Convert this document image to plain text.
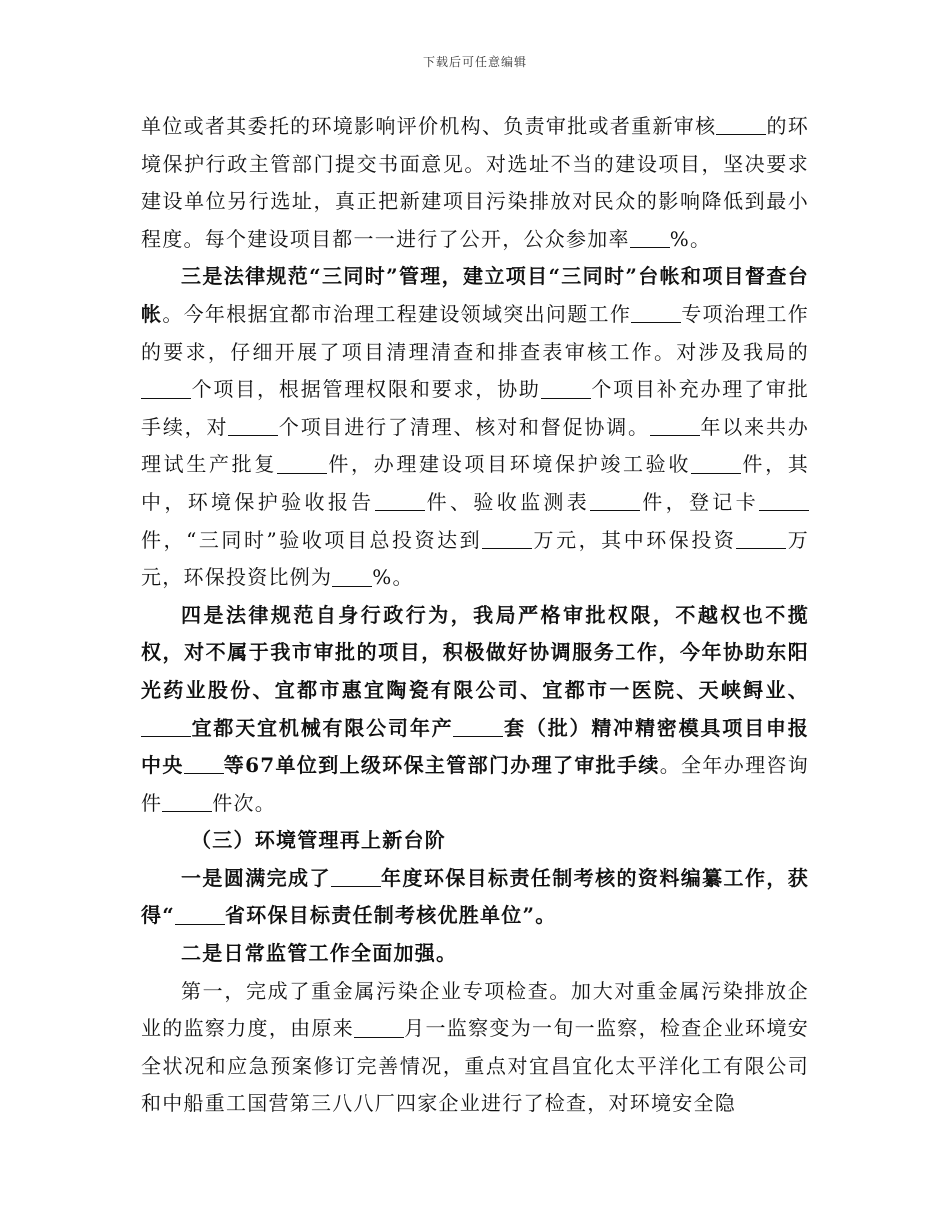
下载后可任意编辑

单位或者其委托的环境影响评价机构、负责审批或者重新审核	的环境保护行政主管部门提交书面意见。对选址不当的建设项目，坚决要求建设单位另行选址，真正把新建项目污染排放对民众的影响降低到最小程度。每个建设项目都一一进行了公开，公众参加率 %。

三是法律规范“三同时”管理，建立项目“三同时”台帐和项目督查台帐。今年根据宜都市治理工程建设领域突出问题工作	专项治理工作的要求，仔细开展了项目清理清查和排查表审核工作。对涉及我局的个项目，根据管理权限和要求，协助	个项目补充办理了审批手续，对	个项目进行了清理、核对和督促协调。	年以来共办理试生产批复	件，办理建设项目环境保护竣工验收	件，其中，环境保护验收报告	件、验收监测表	件，登记卡件，“三同时”验收项目总投资达到	万元，其中环保投资	万元，环保投资比例为 %。

四是法律规范自身行政行为，我局严格审批权限，不越权也不揽权，对不属于我市审批的项目，积极做好协调服务工作，今年协助东阳光药业股份、宜都市惠宜陶瓷有限公司、宜都市一医院、天峡鲟业、宜都天宜机械有限公司年产	套（批）精冲精密模具项目申报中央 等67单位到上级环保主管部门办理了审批手续。全年办理咨询件	件次。

（三）环境管理再上新台阶

一是圆满完成了	年度环保目标责任制考核的资料编纂工作，获得“	省环保目标责任制考核优胜单位”。

二是日常监管工作全面加强。

第一，完成了重金属污染企业专项检查。加大对重金属污染排放企业的监察力度，由原来	月一监察变为一旬一监察，检查企业环境安全状况和应急预案修订完善情况，重点对宜昌宜化太平洋化工有限公司和中船重工国营第三八八厂四家企业进行了检查，对环境安全隐
